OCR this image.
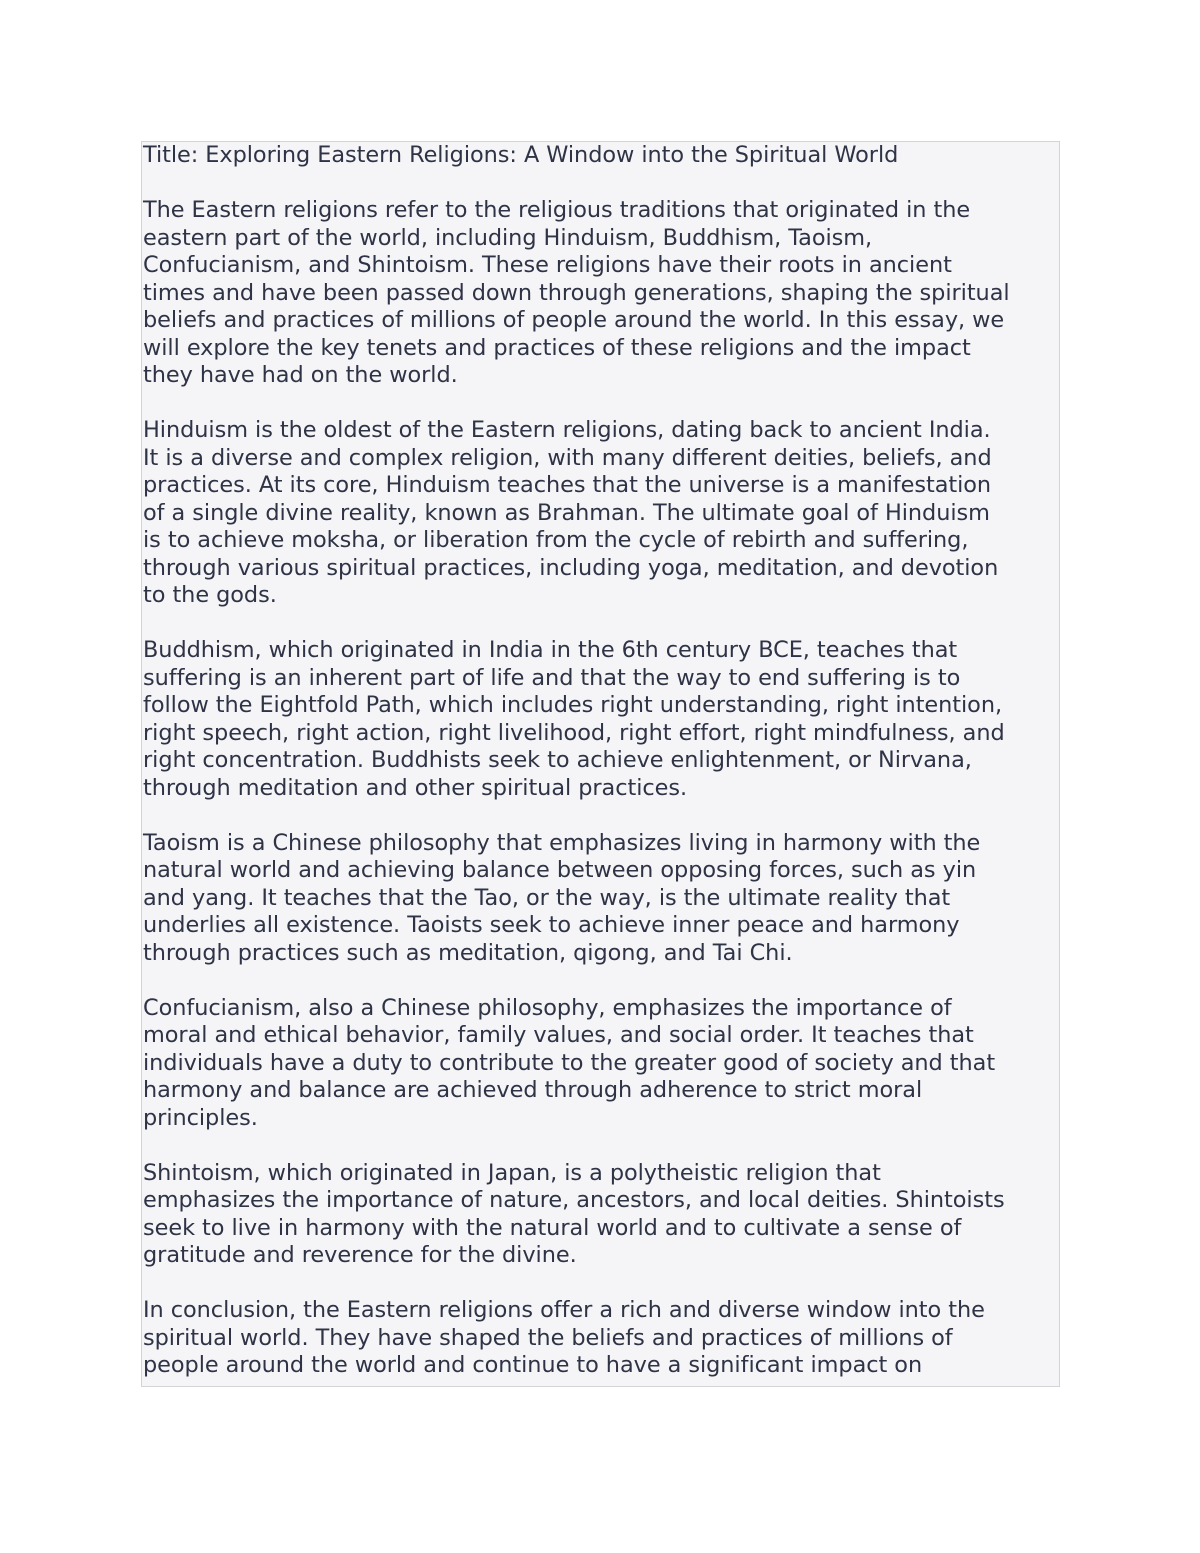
Title: Exploring Eastern Religions: A Window into the Spiritual World
The Eastern religions refer to the religious traditions that originated in the
eastern part of the world, including Hinduism, Buddhism, Taoism,
Confucianism, and Shintoism. These religions have their roots in ancient
times and have been passed down through generations, shaping the spiritual
beliefs and practices of millions of people around the world. In this essay, we
will explore the key tenets and practices of these religions and the impact
they have had on the world.
Hinduism is the oldest of the Eastern religions, dating back to ancient India.
It is a diverse and complex religion, with many different deities, beliefs, and
practices. At its core, Hinduism teaches that the universe is a manifestation
of a single divine reality, known as Brahman. The ultimate goal of Hinduism
is to achieve moksha, or liberation from the cycle of rebirth and suffering,
through various spiritual practices, including yoga, meditation, and devotion
to the gods.
Buddhism, which originated in India in the 6th century BCE, teaches that
suffering is an inherent part of life and that the way to end suffering is to
follow the Eightfold Path, which includes right understanding, right intention,
right speech, right action, right livelihood, right effort, right mindfulness, and
right concentration. Buddhists seek to achieve enlightenment, or Nirvana,
through meditation and other spiritual practices.
Taoism is a Chinese philosophy that emphasizes living in harmony with the
natural world and achieving balance between opposing forces, such as yin
and yang. It teaches that the Tao, or the way, is the ultimate reality that
underlies all existence. Taoists seek to achieve inner peace and harmony
through practices such as meditation, qigong, and Tai Chi.
Confucianism, also a Chinese philosophy, emphasizes the importance of
moral and ethical behavior, family values, and social order. It teaches that
individuals have a duty to contribute to the greater good of society and that
harmony and balance are achieved through adherence to strict moral
principles.
Shintoism, which originated in Japan, is a polytheistic religion that
emphasizes the importance of nature, ancestors, and local deities. Shintoists
seek to live in harmony with the natural world and to cultivate a sense of
gratitude and reverence for the divine.
In conclusion, the Eastern religions offer a rich and diverse window into the
spiritual world. They have shaped the beliefs and practices of millions of
people around the world and continue to have a significant impact on
